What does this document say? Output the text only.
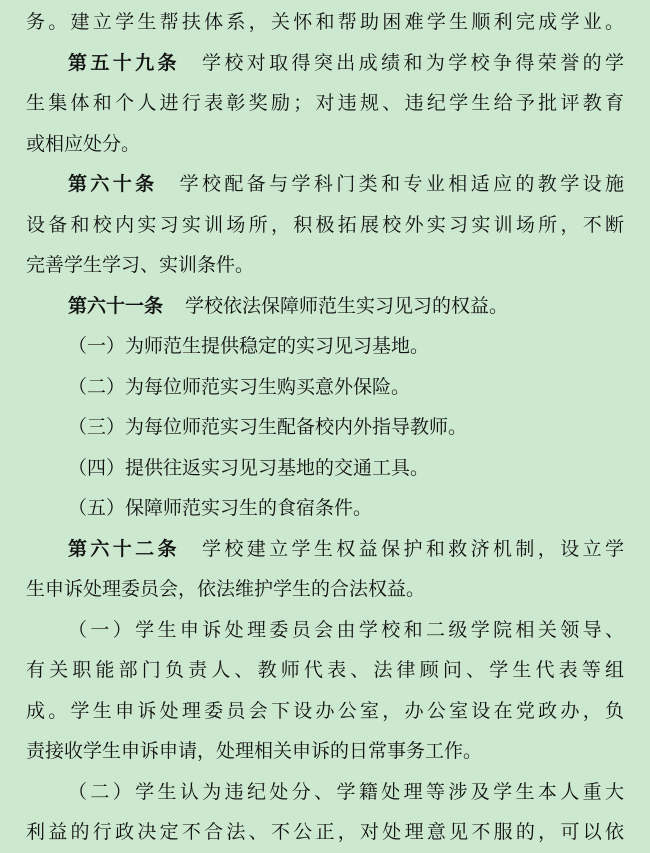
务。建立学生帮扶体系，关怀和帮助困难学生顺利完成学业。
第五十九条 学校对取得突出成绩和为学校争得荣誉的学
生集体和个人进行表彰奖励；对违规、违纪学生给予批评教育
或相应处分。
第六十条 学校配备与学科门类和专业相适应的教学设施
设备和校内实习实训场所，积极拓展校外实习实训场所，不断
完善学生学习、实训条件。
第六十一条 学校依法保障师范生实习见习的权益。
（一）为师范生提供稳定的实习见习基地。
（二）为每位师范实习生购买意外保险。
（三）为每位师范实习生配备校内外指导教师。
（四）提供往返实习见习基地的交通工具。
（五）保障师范实习生的食宿条件。
第六十二条 学校建立学生权益保护和救济机制，设立学
生申诉处理委员会，依法维护学生的合法权益。
（一）学生申诉处理委员会由学校和二级学院相关领导、
有关职能部门负责人、教师代表、法律顾问、学生代表等组
成。学生申诉处理委员会下设办公室，办公室设在党政办，负
责接收学生申诉申请，处理相关申诉的日常事务工作。
（二）学生认为违纪处分、学籍处理等涉及学生本人重大
利益的行政决定不合法、不公正，对处理意见不服的，可以依
